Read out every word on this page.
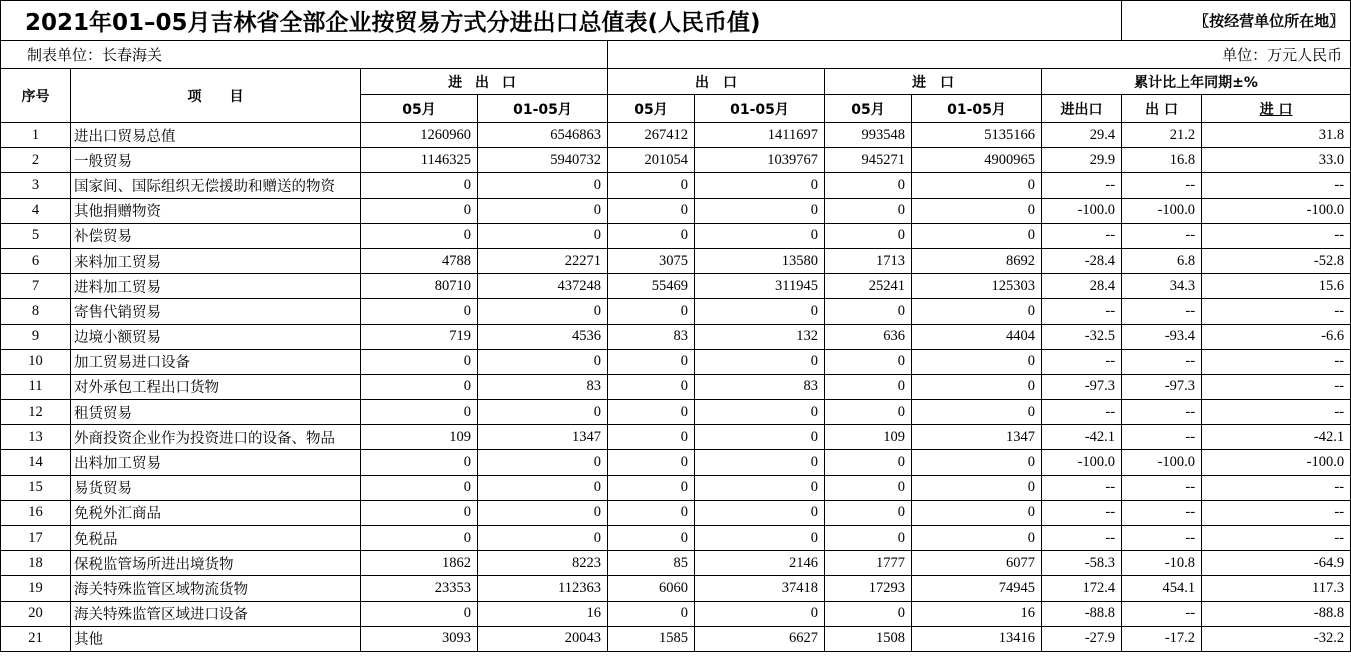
2021年01–05月吉林省全部企业按贸易方式分进出口总值表(人民币值)									〖按经营单位所在地〗	
制表单位：长春海关				单位：万元人民币						
序号	项　　目	进 出 口		出　口		进　口		累计比上年同期±%		
		05月	01-05月	05月	01-05月	05月	01-05月	进出口	出 口	进 口
1	进出口贸易总值	1260960	6546863	267412	1411697	993548	5135166	29.4	21.2	31.8
2	一般贸易	1146325	5940732	201054	1039767	945271	4900965	29.9	16.8	33.0
3	国家间、国际组织无偿援助和赠送的物资	0	0	0	0	0	0	--	--	--
4	其他捐赠物资	0	0	0	0	0	0	-100.0	-100.0	-100.0
5	补偿贸易	0	0	0	0	0	0	--	--	--
6	来料加工贸易	4788	22271	3075	13580	1713	8692	-28.4	6.8	-52.8
7	进料加工贸易	80710	437248	55469	311945	25241	125303	28.4	34.3	15.6
8	寄售代销贸易	0	0	0	0	0	0	--	--	--
9	边境小额贸易	719	4536	83	132	636	4404	-32.5	-93.4	-6.6
10	加工贸易进口设备	0	0	0	0	0	0	--	--	--
11	对外承包工程出口货物	0	83	0	83	0	0	-97.3	-97.3	--
12	租赁贸易	0	0	0	0	0	0	--	--	--
13	外商投资企业作为投资进口的设备、物品	109	1347	0	0	109	1347	-42.1	--	-42.1
14	出料加工贸易	0	0	0	0	0	0	-100.0	-100.0	-100.0
15	易货贸易	0	0	0	0	0	0	--	--	--
16	免税外汇商品	0	0	0	0	0	0	--	--	--
17	免税品	0	0	0	0	0	0	--	--	--
18	保税监管场所进出境货物	1862	8223	85	2146	1777	6077	-58.3	-10.8	-64.9
19	海关特殊监管区域物流货物	23353	112363	6060	37418	17293	74945	172.4	454.1	117.3
20	海关特殊监管区域进口设备	0	16	0	0	0	16	-88.8	--	-88.8
21	其他	3093	20043	1585	6627	1508	13416	-27.9	-17.2	-32.2
